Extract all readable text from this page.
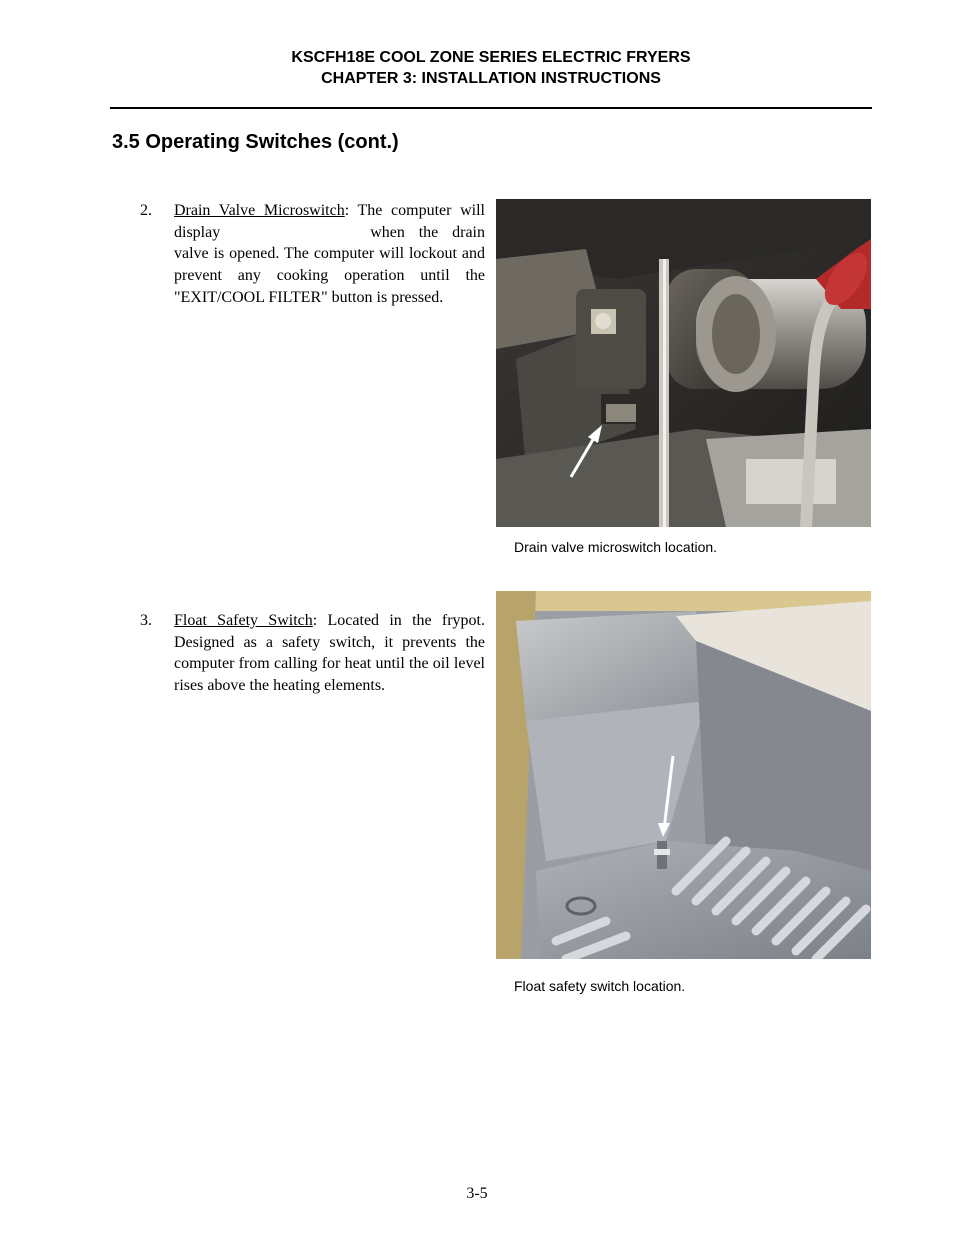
KSCFH18E COOL ZONE SERIES ELECTRIC FRYERS
CHAPTER 3: INSTALLATION INSTRUCTIONS
3.5 Operating Switches (cont.)
2. Drain Valve Microswitch: The computer will display	when the drain valve is opened. The computer will lockout and prevent any cooking operation until the "EXIT/COOL FILTER" button is pressed.
Drain valve microswitch location.
3. Float Safety Switch: Located in the frypot. Designed as a safety switch, it prevents the computer from calling for heat until the oil level rises above the heating elements.
Float safety switch location.
3-5
